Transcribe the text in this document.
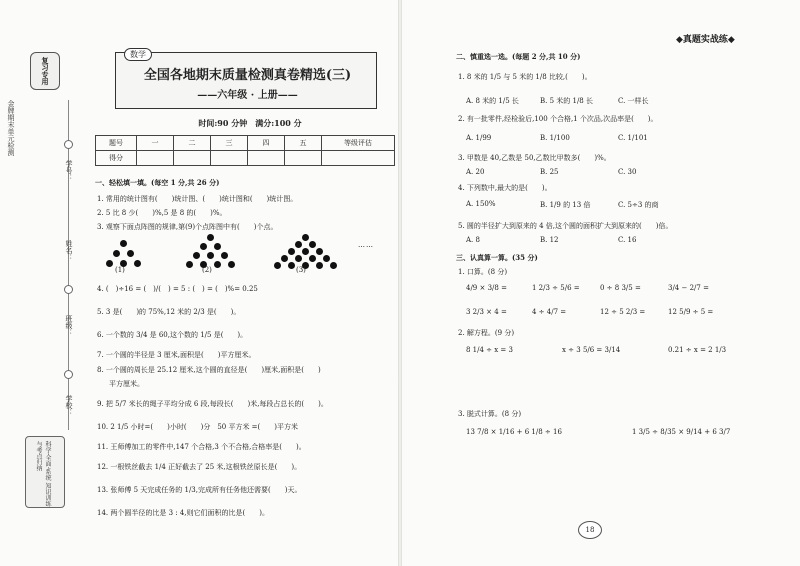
复习专用
金牌期末单元检测
学号：
姓名：
班级：
学校：
科学·全面·系统 知识训练与考点归纳
数学
全国各地期末质量检测真卷精选(三)
——六年级 · 上册——
时间:90 分钟　满分:100 分
题号	一	二	三	四	五	等级评估
得分						
一、轻松填一填。(每空 1 分,共 26 分)
1. 常用的统计图有(　　)统计图、(　　)统计图和(　　)统计图。
2. 5 比 8 少(　　)%,5 是 8 的(　　)%。
3. 观察下面点阵图的规律,第(9)个点阵图中有(　　)个点。
……
(1)	(2)	(3)
4. (　)÷16 = (　)/(　) = 5 : (　) = (　)%= 0.25
5. 3 是(　　)的 75%,12 米的 2/3 是(　　)。
6. 一个数的 3/4 是 60,这个数的 1/5 是(　　)。
7. 一个圆的半径是 3 厘米,面积是(　　)平方厘米。
8. 一个圆的周长是 25.12 厘米,这个圆的直径是(　　)厘米,面积是(　　)
平方厘米。
9. 把 5/7 米长的绳子平均分成 6 段,每段长(　　)米,每段占总长的(　　)。
10. 2 1/5 小时=(　　)小时(　　)分　50 平方米 =(　　)平方米
11. 王师傅加工的零件中,147 个合格,3 个不合格,合格率是(　　)。
12. 一根铁丝截去 1/4 正好截去了 25 米,这根铁丝原长是(　　)。
13. 张师傅 5 天完成任务的 1/3,完成所有任务他还需要(　　)天。
14. 两个圆半径的比是 3 : 4,则它们面积的比是(　　)。
◆真题实战练◆
二、慎重选一选。(每题 2 分,共 10 分)
1. 8 米的 1/5 与 5 米的 1/8 比较,(　　)。
A. 8 米的 1/5 长	B. 5 米的 1/8 长	C. 一样长
2. 有一批零件,经检验后,100 个合格,1 个次品,次品率是(　　)。
A. 1/99	B. 1/100	C. 1/101
3. 甲数是 40,乙数是 50,乙数比甲数多(　　)%。
A. 20	B. 25	C. 30
4. 下列数中,最大的是(　　)。
A. 150%	B. 1/9 的 13 倍	C. 5÷3 的商
5. 圆的半径扩大到原来的 4 倍,这个圆的面积扩大到原来的(　　)倍。
A. 8	B. 12	C. 16
三、认真算一算。(35 分)
1. 口算。(8 分)
4/9 × 3/8 =	1 2/3 ÷ 5/6 =	0 ÷ 8 3/5 =	3/4 − 2/7 =
3 2/3 × 4 =	4 ÷ 4/7 =	12 ÷ 5 2/3 =	12 5/9 ÷ 5 =
2. 解方程。(9 分)
8 1/4 ÷ x = 3	x ÷ 3 5/6 = 3/14	0.21 ÷ x = 2 1/3
3. 脱式计算。(8 分)
13 7/8 × 1/16 + 6 1/8 ÷ 16	1 3/5 ÷ 8/35 × 9/14 + 6 3/7
18
